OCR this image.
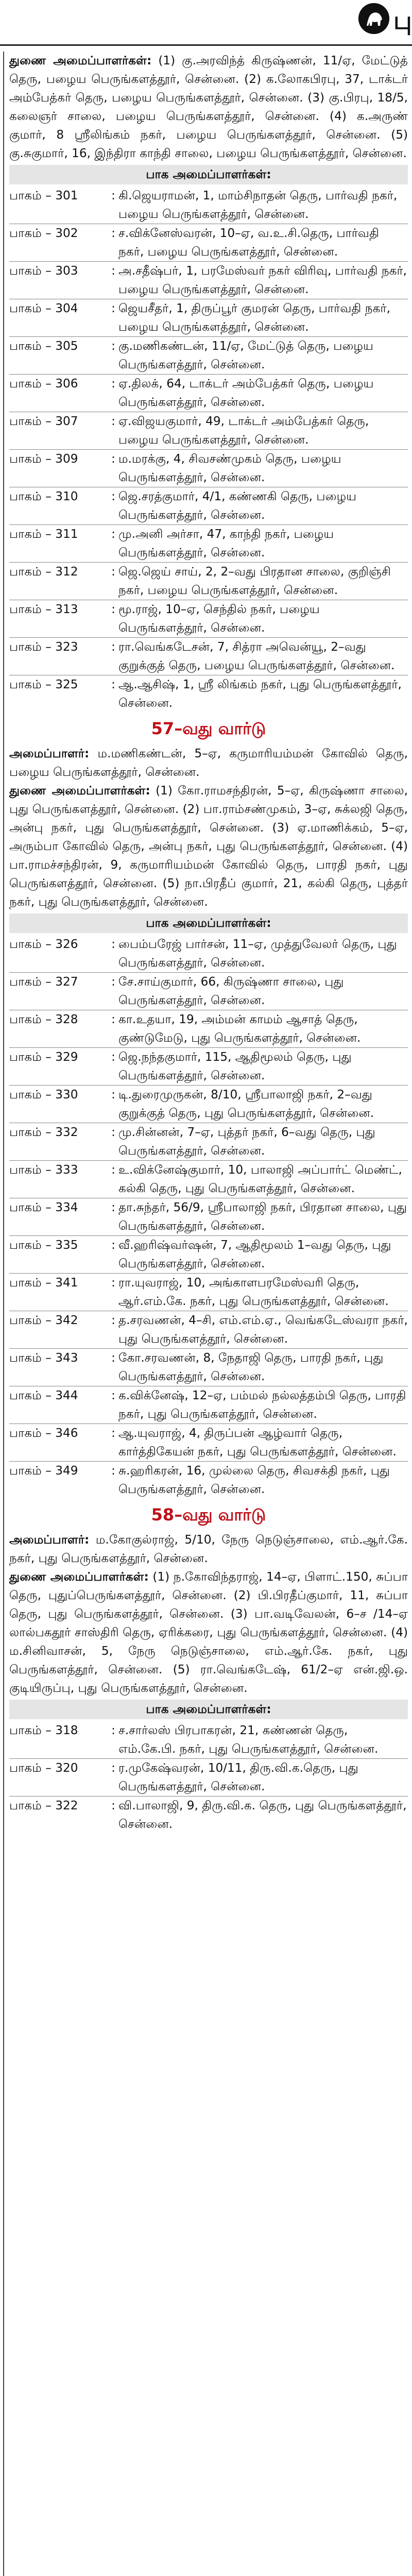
பு

துணை அமைப்பாளர்கள்: (1) கு.அரவிந்த் கிருஷ்ணன், 11/ஏ, மேட்டுத் தெரு, பழைய பெருங்களத்தூர், சென்னை. (2) க.லோகபிரபு, 37, டாக்டர் அம்பேத்கர் தெரு, பழைய பெருங்களத்தூர், சென்னை. (3) கு.பிரபு, 18/5, கலைஞர் சாலை, பழைய பெருங்களத்தூர், சென்னை. (4) க.அருண் குமார், 8 ஸ்ரீலிங்கம் நகர், பழைய பெருங்களத்தூர், சென்னை. (5) கு.சுகுமார், 16, இந்திரா காந்தி சாலை, பழைய பெருங்களத்தூர், சென்னை.

பாக அமைப்பாளர்கள்:
பாகம் – 301	: கி.ஜெயராமன், 1, மாம்சிநாதன் தெரு, பார்வதி நகர், பழைய பெருங்களத்தூர், சென்னை.
பாகம் – 302	: ச.விக்னேஸ்வரன், 10–ஏ, வ.உ.சி.தெரு, பார்வதி நகர், பழைய பெருங்களத்தூர், சென்னை.
பாகம் – 303	: அ.சதீஷ்பர், 1, பரமேஸ்வர் நகர் விரிவு, பார்வதி நகர், பழைய பெருங்களத்தூர், சென்னை.
பாகம் – 304	: ஜெயசீதர், 1, திருப்பூர் குமரன் தெரு, பார்வதி நகர், பழைய பெருங்களத்தூர், சென்னை.
பாகம் – 305	: கு.மணிகண்டன், 11/ஏ, மேட்டுத் தெரு, பழைய பெருங்களத்தூர், சென்னை.
பாகம் – 306	: ஏ.திலக், 64, டாக்டர் அம்பேத்கர் தெரு, பழைய பெருங்களத்தூர், சென்னை.
பாகம் – 307	: ஏ.விஜயகுமார், 49, டாக்டர் அம்பேத்கர் தெரு, பழைய பெருங்களத்தூர், சென்னை.
பாகம் – 309	: ம.மரக்கு, 4, சிவசண்முகம் தெரு, பழைய பெருங்களத்தூர், சென்னை.
பாகம் – 310	: ஜெ.சரத்குமார், 4/1, கண்ணகி தெரு, பழைய பெருங்களத்தூர், சென்னை.
பாகம் – 311	: மு.அனி அர்சா, 47, காந்தி நகர், பழைய பெருங்களத்தூர், சென்னை.
பாகம் – 312	: ஜெ.ஜெய் சாய், 2, 2–வது பிரதான சாலை, குறிஞ்சி நகர், பழைய பெருங்களத்தூர், சென்னை.
பாகம் – 313	: மூ.ராஜ், 10–ஏ, செந்தில் நகர், பழைய பெருங்களத்தூர், சென்னை.
பாகம் – 323	: ரா.வெங்கடேசன், 7, சித்ரா அவென்யூ, 2–வது குறுக்குத் தெரு, பழைய பெருங்களத்தூர், சென்னை.
பாகம் – 325	: ஆ.ஆசிஷ், 1, ஸ்ரீ லிங்கம் நகர், புது பெருங்களத்தூர், சென்னை.
57–வது வார்டு

அமைப்பாளர்: ம.மணிகண்டன், 5–ஏ, கருமாரியம்மன் கோவில் தெரு, பழைய பெருங்களத்தூர், சென்னை.

துணை அமைப்பாளர்கள்: (1) கோ.ராமசந்திரன், 5–ஏ, கிருஷ்ணா சாலை, புது பெருங்களத்தூர், சென்னை. (2) பா.ராம்சண்முகம், 3–ஏ, சுக்லஜி தெரு, அன்பு நகர், புது பெருங்களத்தூர், சென்னை. (3) ஏ.மாணிக்கம், 5–ஏ, அரும்பா கோவில் தெரு, அன்பு நகர், புது பெருங்களத்தூர், சென்னை. (4) பா.ராமச்சந்திரன், 9, கருமாரியம்மன் கோவில் தெரு, பாரதி நகர், புது பெருங்களத்தூர், சென்னை. (5) நா.பிரதீப் குமார், 21, கல்கி தெரு, புத்தர் நகர், புது பெருங்களத்தூர், சென்னை.

பாக அமைப்பாளர்கள்:
பாகம் – 326	: பைம்பரேஜ் பார்சன், 11–ஏ, முத்துவேலர் தெரு, புது பெருங்களத்தூர், சென்னை.
பாகம் – 327	: சே.சாய்குமார், 66, கிருஷ்ணா சாலை, புது பெருங்களத்தூர், சென்னை.
பாகம் – 328	: கா.உதயா, 19, அம்மன் காமம் ஆசாத் தெரு, குண்டுமேடு, புது பெருங்களத்தூர், சென்னை.
பாகம் – 329	: ஜெ.நந்தகுமார், 115, ஆதிமூலம் தெரு, புது பெருங்களத்தூர், சென்னை.
பாகம் – 330	: டி.துரைமுருகன், 8/10, ஸ்ரீபாலாஜி நகர், 2–வது குறுக்குத் தெரு, புது பெருங்களத்தூர், சென்னை.
பாகம் – 332	: மு.சின்னன், 7–ஏ, புத்தர் நகர், 6–வது தெரு, புது பெருங்களத்தூர், சென்னை.
பாகம் – 333	: உ.விக்னேஷ்குமார், 10, பாலாஜி அப்பார்ட் மெண்ட், கல்கி தெரு, புது பெருங்களத்தூர், சென்னை.
பாகம் – 334	: தா.சுந்தர், 56/9, ஸ்ரீபாலாஜி நகர், பிரதான சாலை, புது பெருங்களத்தூர், சென்னை.
பாகம் – 335	: வீ.ஹரிஷ்வர்ஷன், 7, ஆதிமூலம் 1–வது தெரு, புது பெருங்களத்தூர், சென்னை.
பாகம் – 341	: ரா.யுவராஜ், 10, அங்காளபரமேஸ்வரி தெரு, ஆர்.எம்.கே. நகர், புது பெருங்களத்தூர், சென்னை.
பாகம் – 342	: த.சரவணன், 4–சி, எம்.எம்.ஏ., வெங்கடேஸ்வரா நகர், புது பெருங்களத்தூர், சென்னை.
பாகம் – 343	: கோ.சரவணன், 8, நேதாஜி தெரு, பாரதி நகர், புது பெருங்களத்தூர், சென்னை.
பாகம் – 344	: க.விக்னேஷ், 12–ஏ, பம்மல் நல்லத்தம்பி தெரு, பாரதி நகர், புது பெருங்களத்தூர், சென்னை.
பாகம் – 346	: ஆ.யுவராஜ், 4, திருப்பன் ஆழ்வார் தெரு, கார்த்திகேயன் நகர், புது பெருங்களத்தூர், சென்னை.
பாகம் – 349	: சு.ஹரிகரன், 16, முல்லை தெரு, சிவசக்தி நகர், புது பெருங்களத்தூர், சென்னை.
58–வது வார்டு

அமைப்பாளர்: ம.கோகுல்ராஜ், 5/10, நேரு நெடுஞ்சாலை, எம்.ஆர்.கே. நகர், புது பெருங்களத்தூர், சென்னை.

துணை அமைப்பாளர்கள்: (1) ந.கோவிந்தராஜ், 14–ஏ, பிளாட்.150, சுப்பா தெரு, புதுப்பெருங்களத்தூர், சென்னை. (2) பி.பிரதீப்குமார், 11, சுப்பா தெரு, புது பெருங்களத்தூர், சென்னை. (3) பா.வடிவேலன், 6–ச /14–ஏ லால்பகதூர் சாஸ்திரி தெரு, ஏரிக்கரை, புது பெருங்களத்தூர், சென்னை. (4) ம.சினிவாசன், 5, நேரு நெடுஞ்சாலை, எம்.ஆர்.கே. நகர், புது பெருங்களத்தூர், சென்னை. (5) ரா.வெங்கடேஷ், 61/2–ஏ என்.ஜி.ஒ. குடியிருப்பு, புது பெருங்களத்தூர், சென்னை.

பாக அமைப்பாளர்கள்:
பாகம் – 318	: ச.சார்லஸ் பிரபாகரன், 21, கண்ணன் தெரு, எம்.கே.பி. நகர், புது பெருங்களத்தூர், சென்னை.
பாகம் – 320	: ர.முகேஷ்வரன், 10/11, திரு.வி.க.தெரு, புது பெருங்களத்தூர், சென்னை.
பாகம் – 322	: வி.பாலாஜி, 9, திரு.வி.க. தெரு, புது பெருங்களத்தூர், சென்னை.
